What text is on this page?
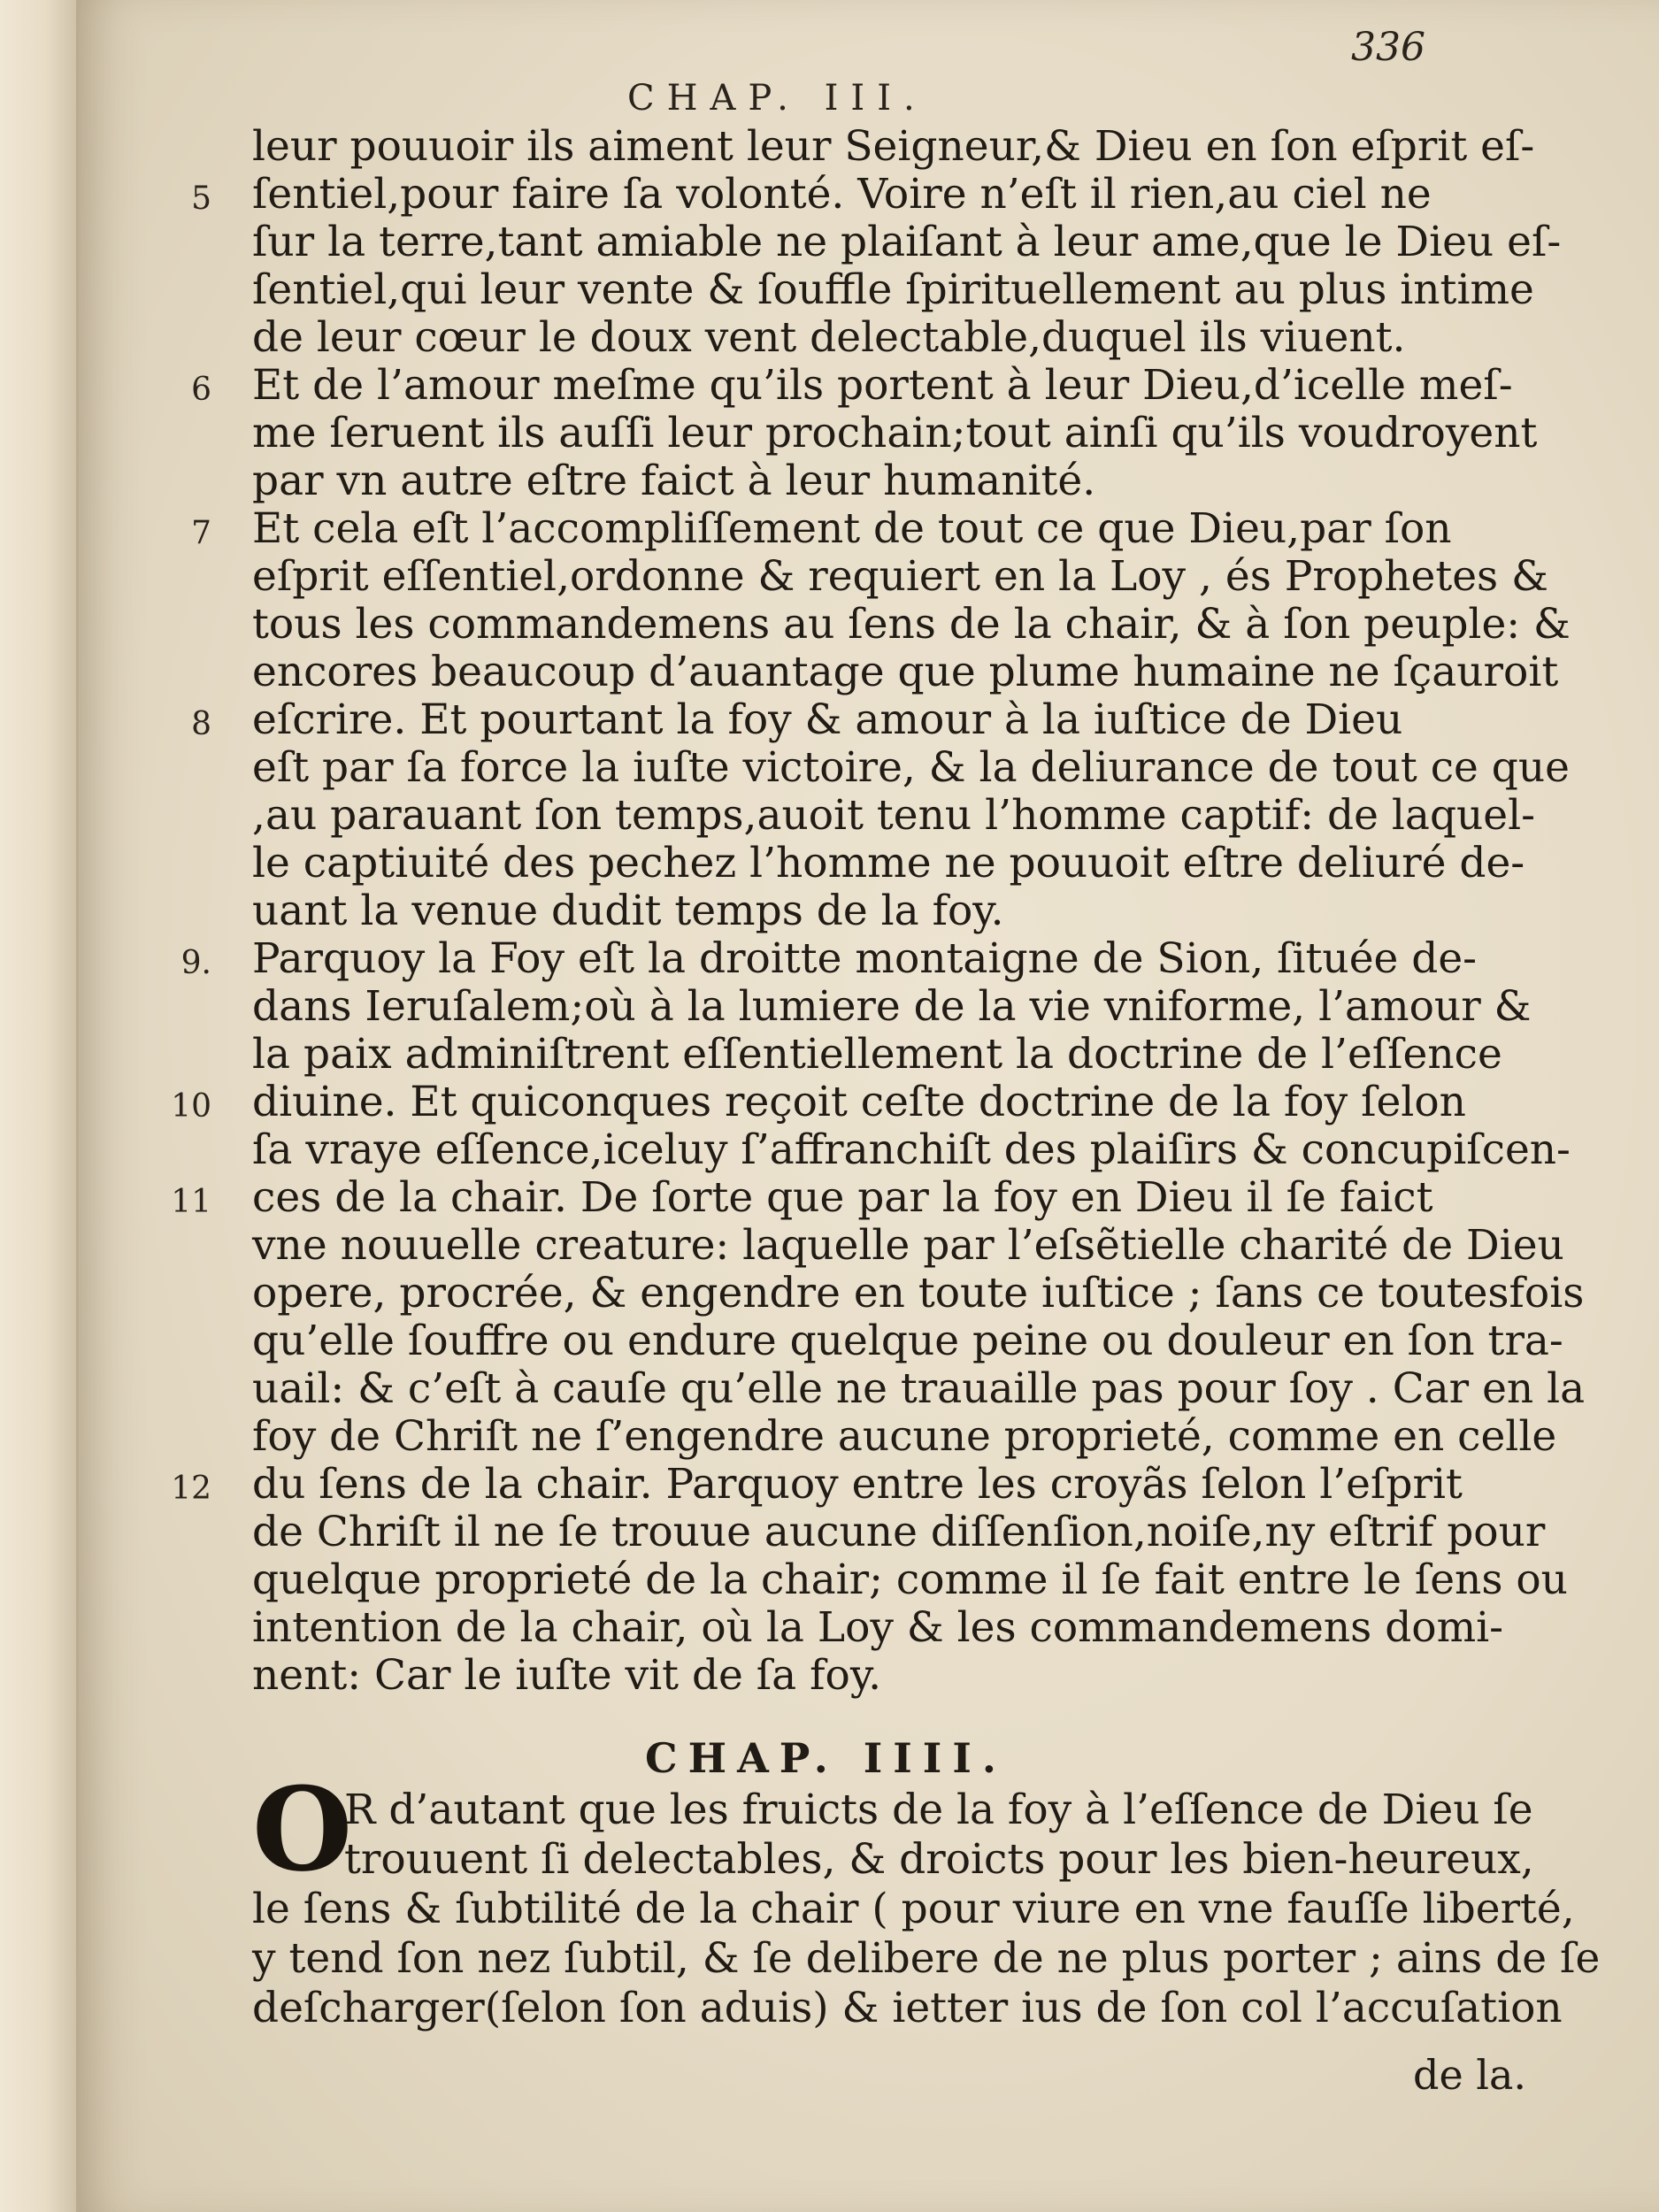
336
CHAP. III.
leur pouuoir ils aiment leur Seigneur,& Dieu en ſon eſprit eſ-
5 ſentiel,pour faire ſa volonté. Voire n’eſt il rien,au ciel ne
ſur la terre,tant amiable ne plaiſant à leur ame,que le Dieu eſ-
ſentiel,qui leur vente & ſouffle ſpirituellement au plus intime
de leur cœur le doux vent delectable,duquel ils viuent.
6 Et de l’amour meſme qu’ils portent à leur Dieu,d’icelle meſ-
me ſeruent ils auſſi leur prochain;tout ainſi qu’ils voudroyent
par vn autre eſtre faict à leur humanité.
7 Et cela eſt l’accompliſſement de tout ce que Dieu,par ſon
eſprit eſſentiel,ordonne & requiert en la Loy , és Prophetes &
tous les commandemens au ſens de la chair, & à ſon peuple: &
encores beaucoup d’auantage que plume humaine ne ſçauroit
8 eſcrire. Et pourtant la foy & amour à la iuſtice de Dieu
eſt par ſa force la iuſte victoire, & la deliurance de tout ce que
,au parauant ſon temps,auoit tenu l’homme captif: de laquel-
le captiuité des pechez l’homme ne pouuoit eſtre deliuré de-
uant la venue dudit temps de la foy.
9. Parquoy la Foy eſt la droitte montaigne de Sion, ſituée de-
dans Ieruſalem;où à la lumiere de la vie vniforme, l’amour &
la paix adminiſtrent eſſentiellement la doctrine de l’eſſence
10 diuine. Et quiconques reçoit ceſte doctrine de la foy ſelon
ſa vraye eſſence,iceluy ſ’affranchiſt des plaiſirs & concupiſcen-
11 ces de la chair. De ſorte que par la foy en Dieu il ſe faict
vne nouuelle creature: laquelle par l’eſsẽtielle charité de Dieu
opere, procrée, & engendre en toute iuſtice ; ſans ce toutesfois
qu’elle ſouffre ou endure quelque peine ou douleur en ſon tra-
uail: & c’eſt à cauſe qu’elle ne trauaille pas pour ſoy . Car en la
foy de Chriſt ne ſ’engendre aucune proprieté, comme en celle
12 du ſens de la chair. Parquoy entre les croyãs ſelon l’eſprit
de Chriſt il ne ſe trouue aucune diſſenſion,noiſe,ny eſtrif pour
quelque proprieté de la chair; comme il ſe fait entre le ſens ou
intention de la chair, où la Loy & les commandemens domi-
nent: Car le iuſte vit de ſa foy.
CHAP. IIII.
O
R d’autant que les fruicts de la foy à l’eſſence de Dieu ſe
trouuent ſi delectables, & droicts pour les bien-heureux,
le ſens & ſubtilité de la chair ( pour viure en vne fauſſe liberté,
y tend ſon nez ſubtil, & ſe delibere de ne plus porter ; ains de ſe
deſcharger(ſelon ſon aduis) & ietter ius de ſon col l’accuſation
de la.
